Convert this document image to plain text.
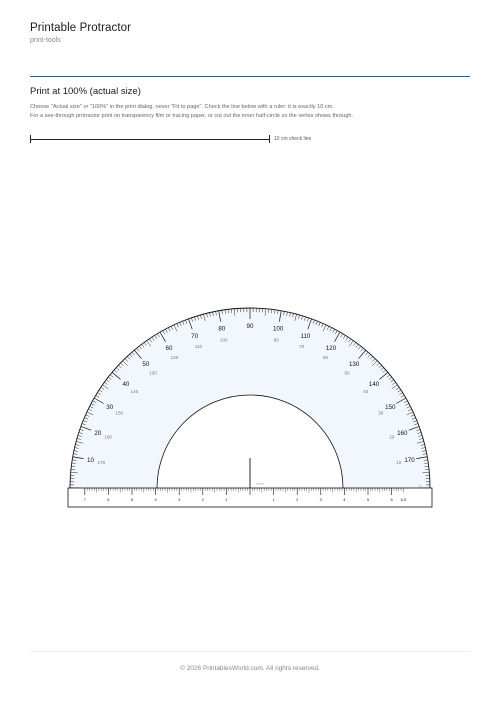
Printable Protractor
print-tools
Print at 100% (actual size)
Choose "Actual size" or "100%" in the print dialog, never "Fit to page". Check the line below with a ruler: it is exactly 10 cm.
For a see-through protractor print on transparency film or tracing paper, or cut out the inner half-circle so the vertex shows through.
10 cm check line
10 170
20
160
30
150
40
140
50
130
60
120
70
110
80
100
90	100
80	110
70	120
60
130
50
140
40
150
30
160
20
170
10
centre
7	6	5	4	3	2	1	1	2	3	4	5	6 6.5
cm
© 2026 PrintablesWorld.com. All rights reserved.
